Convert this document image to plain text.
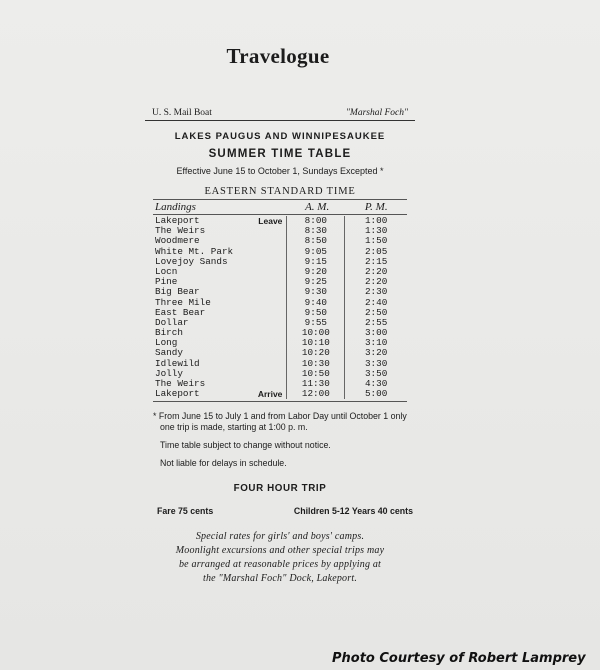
Travelogue
U. S. Mail Boat	"Marshal Foch"
LAKES PAUGUS AND WINNIPESAUKEE
SUMMER TIME TABLE
Effective June 15 to October 1, Sundays Excepted *
EASTERN STANDARD TIME
Landings	A. M.	P. M.
Lakeport	Leave	8:00	1:00
The Weirs	8:30	1:30
Woodmere	8:50	1:50
White Mt. Park	9:05	2:05
Lovejoy Sands	9:15	2:15
Locn	9:20	2:20
Pine	9:25	2:20
Big Bear	9:30	2:30
Three Mile	9:40	2:40
East Bear	9:50	2:50
Dollar	9:55	2:55
Birch	10:00	3:00
Long	10:10	3:10
Sandy	10:20	3:20
Idlewild	10:30	3:30
Jolly	10:50	3:50
The Weirs	11:30	4:30
Lakeport	Arrive	12:00	5:00
* From June 15 to July 1 and from Labor Day until October 1 only one trip is made, starting at 1:00 p. m.
Time table subject to change without notice.
Not liable for delays in schedule.
FOUR HOUR TRIP
Fare 75 cents	Children 5-12 Years 40 cents
Special rates for girls' and boys' camps.
Moonlight excursions and other special trips may
be arranged at reasonable prices by applying at
the "Marshal Foch" Dock, Lakeport.
Photo Courtesy of Robert Lamprey
